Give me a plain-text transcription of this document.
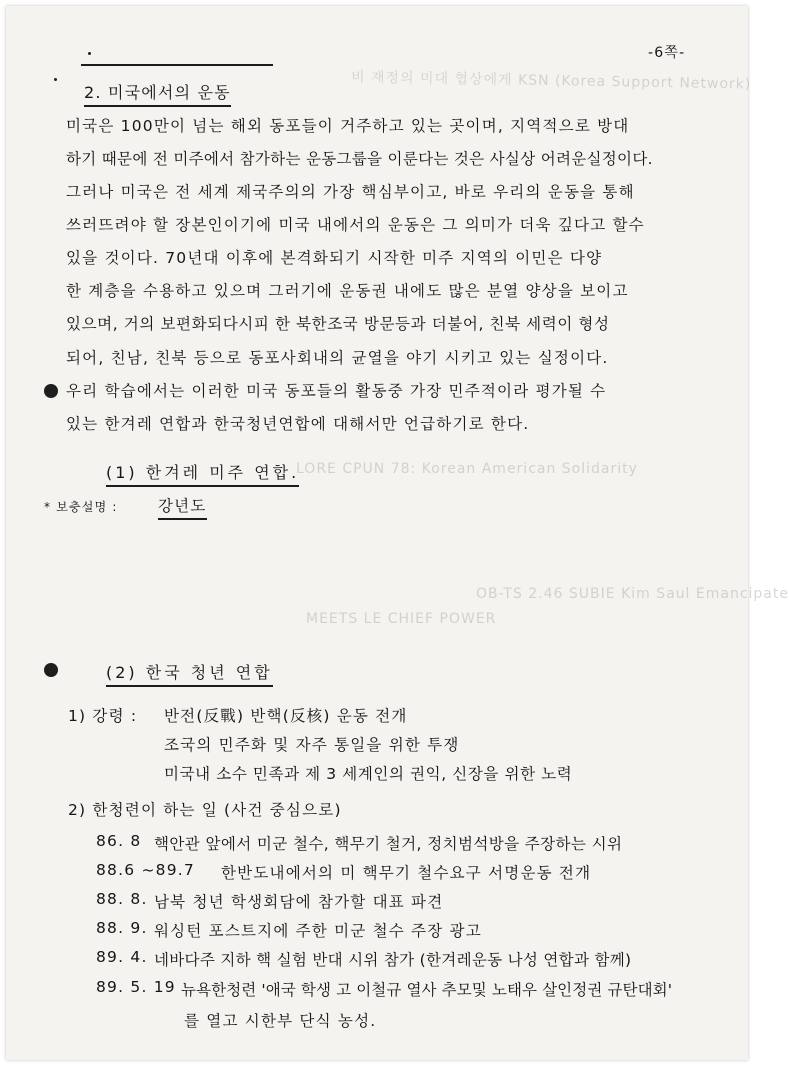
비 재정의 미대 협상에게 KSN (Korea Support Network)
OB-TS 2.46 SUBIE Kim Saul Emancipate
LORE CPUN 78: Korean American Solidarity
MEETS LE CHIEF POWER
-6쪽-
2. 미국에서의 운동
미국은 100만이 넘는 해외 동포들이 거주하고 있는 곳이며, 지역적으로 방대
하기 때문에 전 미주에서 참가하는 운동그룹을 이룬다는 것은 사실상 어려운실정이다.
그러나 미국은 전 세계 제국주의의 가장 핵심부이고, 바로 우리의 운동을 통해
쓰러뜨려야 할 장본인이기에 미국 내에서의 운동은 그 의미가 더욱 깊다고 할수
있을 것이다. 70년대 이후에 본격화되기 시작한 미주 지역의 이민은 다양
한 계층을 수용하고 있으며 그러기에 운동권 내에도 많은 분열 양상을 보이고
있으며, 거의 보편화되다시피 한 북한조국 방문등과 더불어, 친북 세력이 형성
되어, 친남, 친북 등으로 동포사회내의 균열을 야기 시키고 있는 실정이다.
우리 학습에서는 이러한 미국 동포들의 활동중 가장 민주적이라 평가될 수
있는 한겨레 연합과 한국청년연합에 대해서만 언급하기로 한다.
(1) 한겨레 미주 연합.
* 보충설명 :	강년도
(2) 한국 청년 연합
1) 강령 : 반전(反戰) 반핵(反核) 운동 전개
조국의 민주화 및 자주 통일을 위한 투쟁
미국내 소수 민족과 제 3 세계인의 권익, 신장을 위한 노력
2) 한청련이 하는 일 (사건 중심으로)
86. 8 핵안관 앞에서 미군 철수, 핵무기 철거, 정치범석방을 주장하는 시위
88.6 ~89.7 한반도내에서의 미 핵무기 철수요구 서명운동 전개
88. 8. 남북 청년 학생회담에 참가할 대표 파견
88. 9. 워싱턴 포스트지에 주한 미군 철수 주장 광고
89. 4. 네바다주 지하 핵 실험 반대 시위 참가 (한겨레운동 나성 연합과 함께)
89. 5. 19 뉴욕한청련 '애국 학생 고 이철규 열사 추모및 노태우 살인정권 규탄대회'
를 열고 시한부 단식 농성.
